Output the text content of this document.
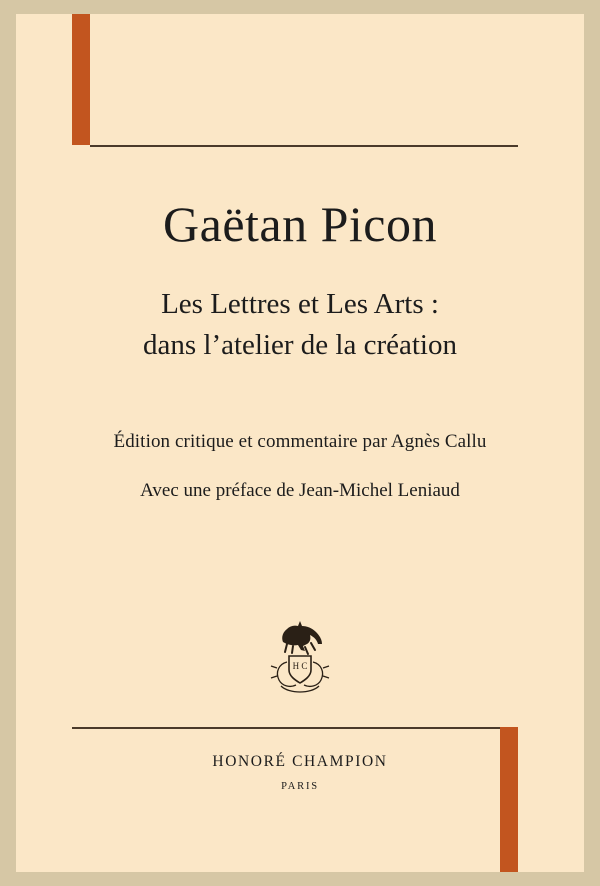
Gaëtan Picon
Les Lettres et Les Arts :
dans l’atelier de la création
Édition critique et commentaire par Agnès Callu
Avec une préface de Jean-Michel Leniaud
H C
HONORÉ CHAMPION
PARIS
